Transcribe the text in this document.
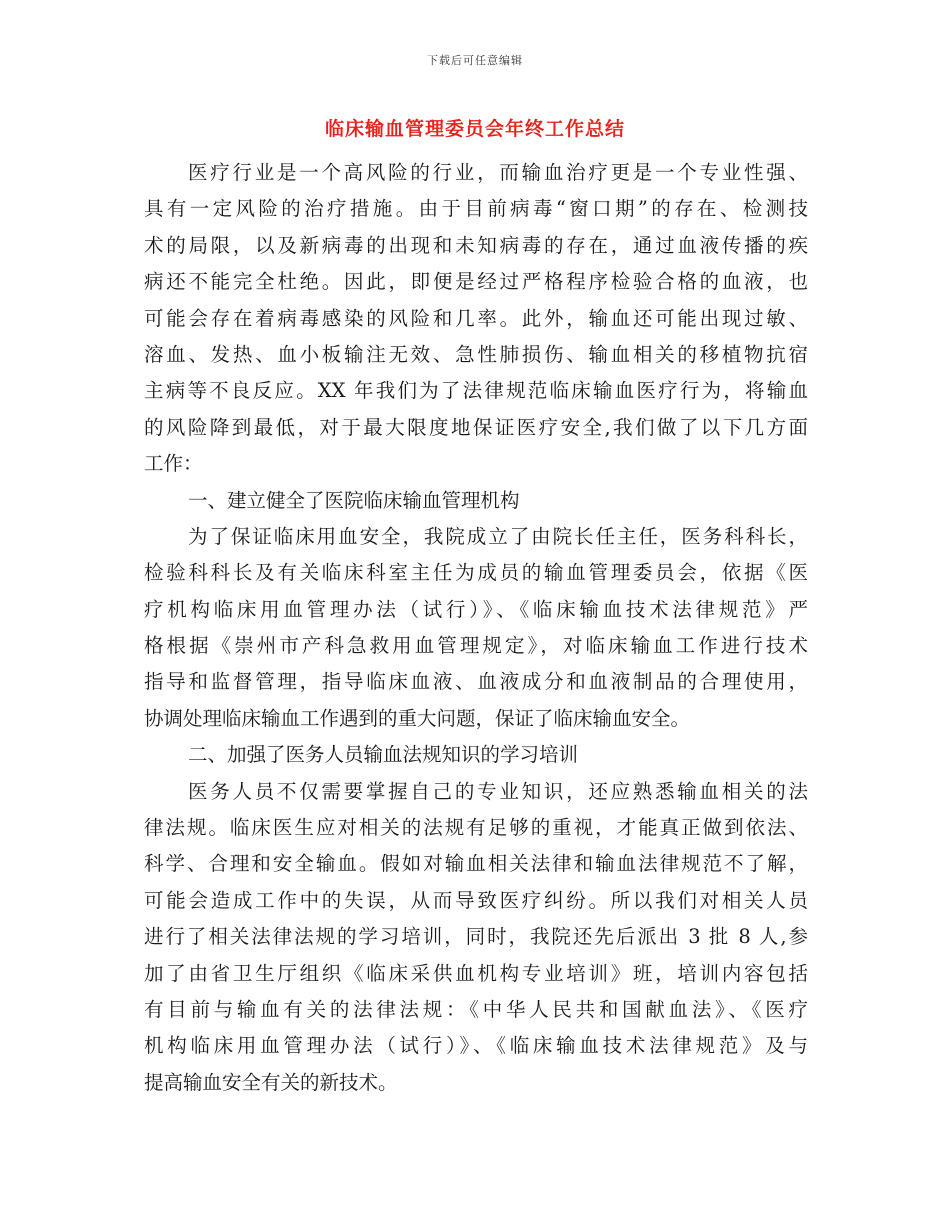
下载后可任意编辑
临床输血管理委员会年终工作总结
医疗行业是一个高风险的行业，而输血治疗更是一个专业性强、
具有一定风险的治疗措施。由于目前病毒“窗口期”的存在、检测技
术的局限，以及新病毒的出现和未知病毒的存在，通过血液传播的疾
病还不能完全杜绝。因此，即便是经过严格程序检验合格的血液，也
可能会存在着病毒感染的风险和几率。此外，输血还可能出现过敏、
溶血、发热、血小板输注无效、急性肺损伤、输血相关的移植物抗宿
主病等不良反应。XX 年我们为了法律规范临床输血医疗行为，将输血
的风险降到最低，对于最大限度地保证医疗安全,我们做了以下几方面
工作：
一、建立健全了医院临床输血管理机构
为了保证临床用血安全，我院成立了由院长任主任，医务科科长，
检验科科长及有关临床科室主任为成员的输血管理委员会，依据《医
疗机构临床用血管理办法（试行）》、《临床输血技术法律规范》严
格根据《崇州市产科急救用血管理规定》，对临床输血工作进行技术
指导和监督管理，指导临床血液、血液成分和血液制品的合理使用，
协调处理临床输血工作遇到的重大问题，保证了临床输血安全。
二、加强了医务人员输血法规知识的学习培训
医务人员不仅需要掌握自己的专业知识，还应熟悉输血相关的法
律法规。临床医生应对相关的法规有足够的重视，才能真正做到依法、
科学、合理和安全输血。假如对输血相关法律和输血法律规范不了解，
可能会造成工作中的失误，从而导致医疗纠纷。所以我们对相关人员
进行了相关法律法规的学习培训，同时，我院还先后派出 3 批 8 人,参
加了由省卫生厅组织《临床采供血机构专业培训》班，培训内容包括
有目前与输血有关的法律法规：《中华人民共和国献血法》、《医疗
机构临床用血管理办法（试行）》、《临床输血技术法律规范》及与
提高输血安全有关的新技术。
